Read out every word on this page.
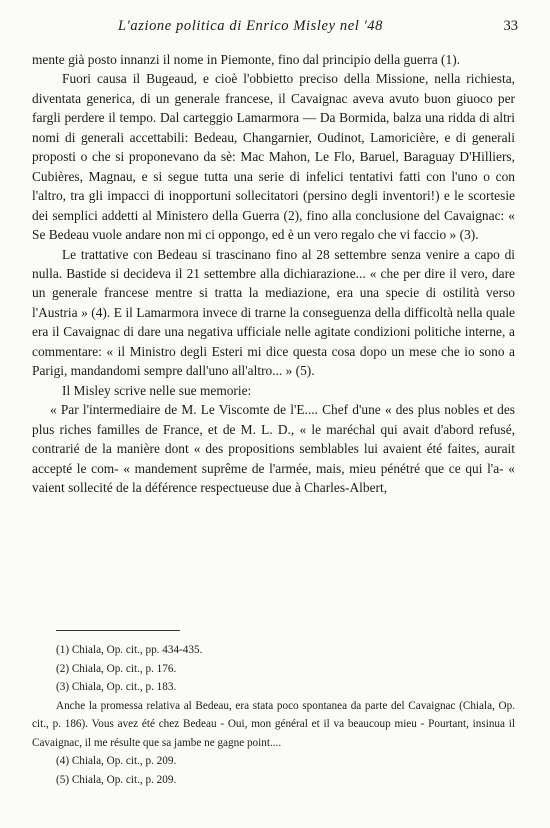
L'azione politica di Enrico Misley nel '48	33

mente già posto innanzi il nome in Piemonte, fino dal principio della guerra (1).

Fuori causa il Bugeaud, e cioè l'obbietto preciso della Missione, nella richiesta, diventata generica, di un generale francese, il Cavaignac aveva avuto buon giuoco per fargli perdere il tempo. Dal carteggio Lamarmora — Da Bormida, balza una ridda di altri nomi di generali accettabili: Bedeau, Changarnier, Oudinot, Lamoricière, e di generali proposti o che si proponevano da sè: Mac Mahon, Le Flo, Baruel, Baraguay D'Hilliers, Cubières, Magnau, e si segue tutta una serie di infelici tentativi fatti con l'uno o con l'altro, tra gli impacci di inopportuni sollecitatori (persino degli inventori!) e le scortesie dei semplici addetti al Ministero della Guerra (2), fino alla conclusione del Cavaignac: « Se Bedeau vuole andare non mi ci oppongo, ed è un vero regalo che vi faccio » (3).

Le trattative con Bedeau si trascinano fino al 28 settembre senza venire a capo di nulla. Bastide si decideva il 21 settembre alla dichiarazione... « che per dire il vero, dare un generale francese mentre si tratta la mediazione, era una specie di ostilità verso l'Austria » (4). E il Lamarmora invece di trarne la conseguenza della difficoltà nella quale era il Cavaignac di dare una negativa ufficiale nelle agitate condizioni politiche interne, a commentare: « il Ministro degli Esteri mi dice questa cosa dopo un mese che io sono a Parigi, mandandomi sempre dall'uno all'altro... » (5).

Il Misley scrive nelle sue memorie:

« Par l'intermediaire de M. Le Viscomte de l'E.... Chef d'une « des plus nobles et des plus riches familles de France, et de M. L. D., « le maréchal qui avait d'abord refusé, contrarié de la manière dont « des propositions semblables lui avaient été faites, aurait accepté le com- « mandement suprême de l'armée, mais, mieu pénétré que ce qui l'a- « vaient sollecité de la déférence respectueuse due à Charles-Albert,

(1) Chiala, Op. cit., pp. 434-435.

(2) Chiala, Op. cit., p. 176.

(3) Chiala, Op. cit., p. 183.

Anche la promessa relativa al Bedeau, era stata poco spontanea da parte del Cavaignac (Chiala, Op. cit., p. 186). Vous avez été chez Bedeau - Oui, mon général et il va beaucoup mieu - Pourtant, insinua il Cavaignac, il me résulte que sa jambe ne gagne point....

(4) Chiala, Op. cit., p. 209.

(5) Chiala, Op. cit., p. 209.
